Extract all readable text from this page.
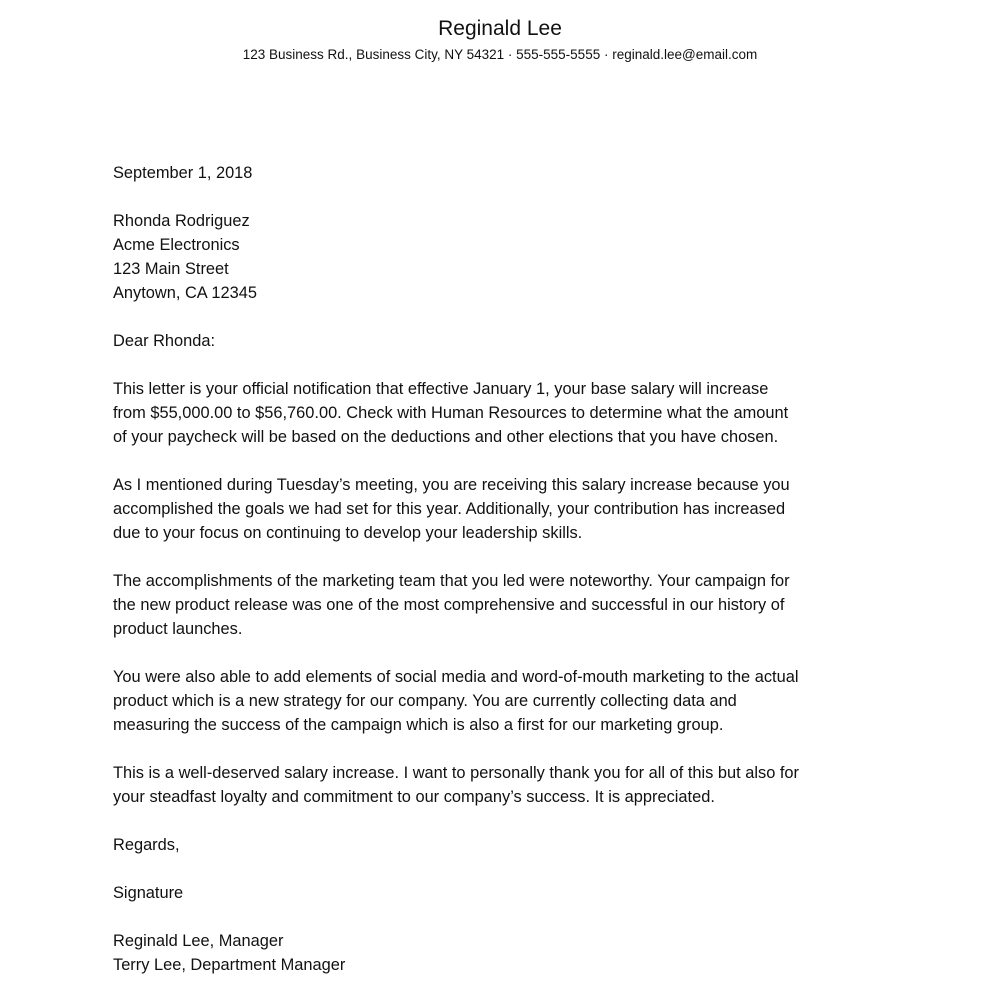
Reginald Lee

123 Business Rd., Business City, NY 54321 · 555-555-5555 · reginald.lee@email.com

September 1, 2018

Rhonda Rodriguez
Acme Electronics
123 Main Street
Anytown, CA 12345

Dear Rhonda:

This letter is your official notification that effective January 1, your base salary will increase
from $55,000.00 to $56,760.00. Check with Human Resources to determine what the amount
of your paycheck will be based on the deductions and other elections that you have chosen.
As I mentioned during Tuesday’s meeting, you are receiving this salary increase because you
accomplished the goals we had set for this year. Additionally, your contribution has increased
due to your focus on continuing to develop your leadership skills.
The accomplishments of the marketing team that you led were noteworthy. Your campaign for
the new product release was one of the most comprehensive and successful in our history of
product launches.
You were also able to add elements of social media and word-of-mouth marketing to the actual
product which is a new strategy for our company. You are currently collecting data and
measuring the success of the campaign which is also a first for our marketing group.
This is a well-deserved salary increase. I want to personally thank you for all of this but also for
your steadfast loyalty and commitment to our company’s success. It is appreciated.

Regards,

Signature

Reginald Lee, Manager
Terry Lee, Department Manager
